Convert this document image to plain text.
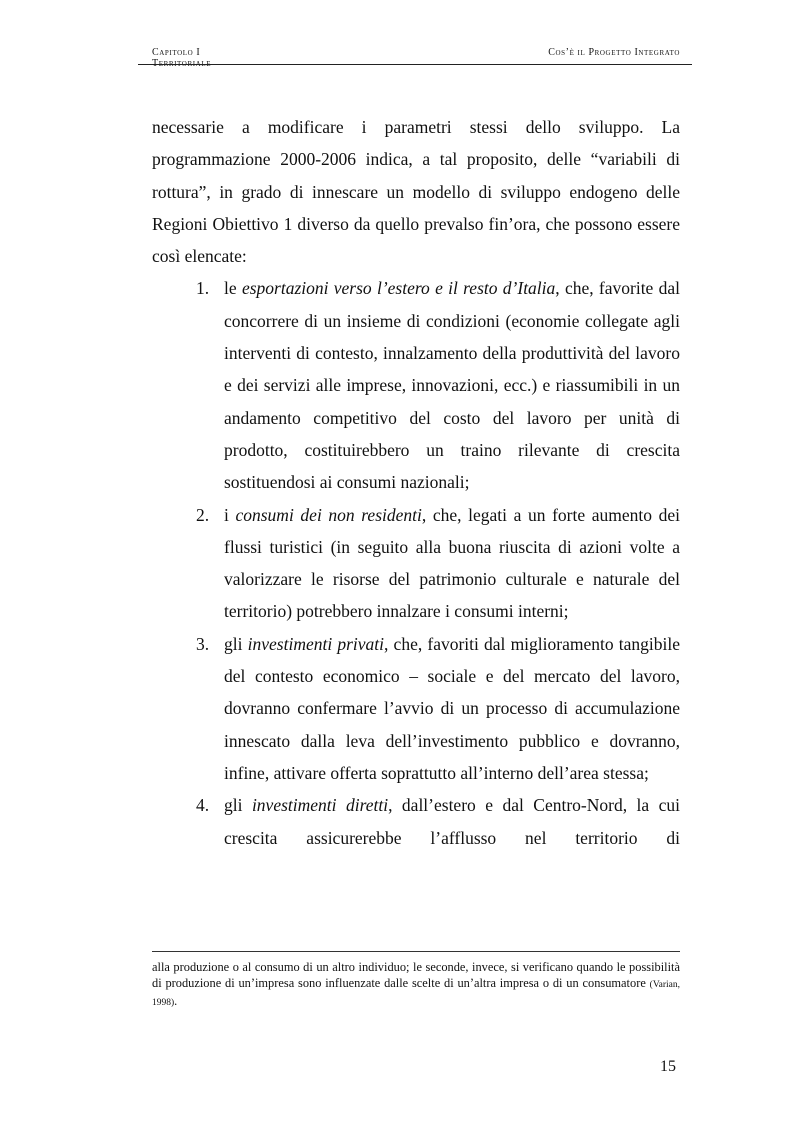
Capitolo I	Cos’è il Progetto Integrato

necessarie a modificare i parametri stessi dello sviluppo. La programmazione 2000-2006 indica, a tal proposito, delle “variabili di rottura”, in grado di innescare un modello di sviluppo endogeno delle Regioni Obiettivo 1 diverso da quello prevalso fin’ora, che possono essere così elencate:

1. le esportazioni verso l’estero e il resto d’Italia, che, favorite dal concorrere di un insieme di condizioni (economie collegate agli interventi di contesto, innalzamento della produttività del lavoro e dei servizi alle imprese, innovazioni, ecc.) e riassumibili in un andamento competitivo del costo del lavoro per unità di prodotto, costituirebbero un traino rilevante di crescita sostituendosi ai consumi nazionali;
2. i consumi dei non residenti, che, legati a un forte aumento dei flussi turistici (in seguito alla buona riuscita di azioni volte a valorizzare le risorse del patrimonio culturale e naturale del territorio) potrebbero innalzare i consumi interni;
3. gli investimenti privati, che, favoriti dal miglioramento tangibile del contesto economico – sociale e del mercato del lavoro, dovranno confermare l’avvio di un processo di accumulazione innescato dalla leva dell’investimento pubblico e dovranno, infine, attivare offerta soprattutto all’interno dell’area stessa;
4. gli investimenti diretti, dall’estero e dal Centro-Nord, la cui crescita assicurerebbe l’afflusso nel territorio di
alla produzione o al consumo di un altro individuo; le seconde, invece, si verificano quando le possibilità di produzione di un’impresa sono influenzate dalle scelte di un’altra impresa o di un consumatore (Varian, 1998).
15
